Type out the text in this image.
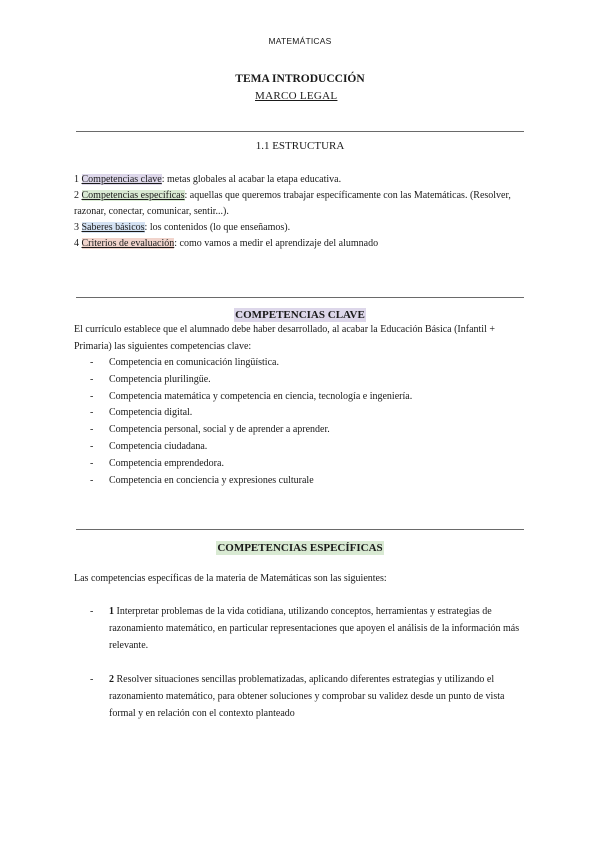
MATEMÁTICAS
TEMA INTRODUCCIÓN
MARCO LEGAL
1.1 ESTRUCTURA
1 Competencias clave: metas globales al acabar la etapa educativa.
2 Competencias específicas: aquellas que queremos trabajar específicamente con las Matemáticas. (Resolver, razonar, conectar, comunicar, sentir...).
3 Saberes básicos: los contenidos (lo que enseñamos).
4 Criterios de evaluación: como vamos a medir el aprendizaje del alumnado
COMPETENCIAS CLAVE
El currículo establece que el alumnado debe haber desarrollado, al acabar la Educación Básica (Infantil + Primaria) las siguientes competencias clave:
- Competencia en comunicación lingüística.
- Competencia plurilingüe.
- Competencia matemática y competencia en ciencia, tecnología e ingeniería.
- Competencia digital.
- Competencia personal, social y de aprender a aprender.
- Competencia ciudadana.
- Competencia emprendedora.
- Competencia en conciencia y expresiones culturale
COMPETENCIAS ESPECÍFICAS
Las competencias específicas de la materia de Matemáticas son las siguientes:
- 1 Interpretar problemas de la vida cotidiana, utilizando conceptos, herramientas y estrategias de razonamiento matemático, en particular representaciones que apoyen el análisis de la información más relevante.
- 2 Resolver situaciones sencillas problematizadas, aplicando diferentes estrategias y utilizando el razonamiento matemático, para obtener soluciones y comprobar su validez desde un punto de vista formal y en relación con el contexto planteado
